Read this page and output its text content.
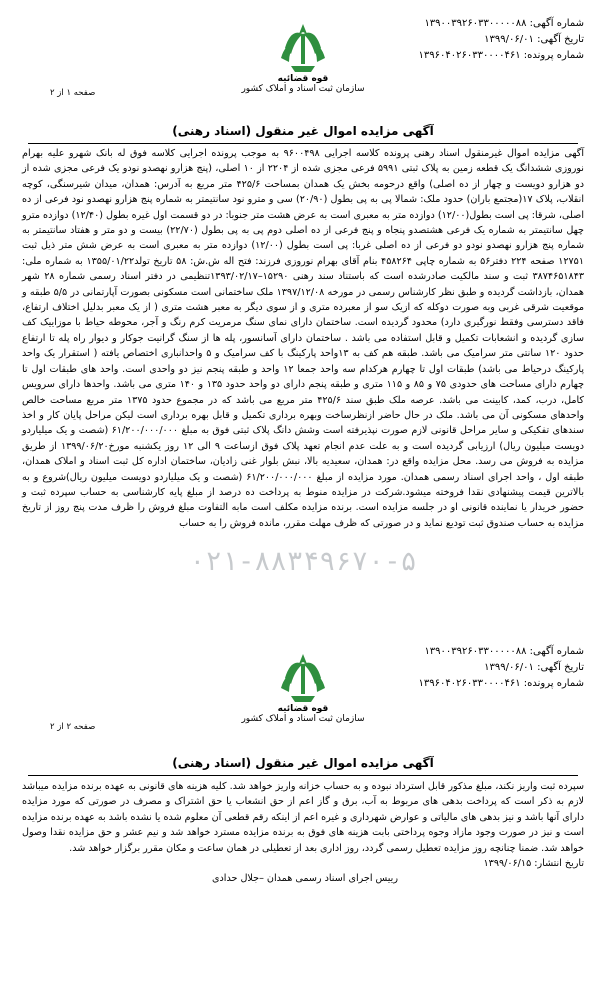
شماره آگهی: ۱۳۹۰۰۳۹۲۶۰۳۳۰۰۰۰۰۸۸
تاریخ آگهی: ۱۳۹۹/۰۶/۰۱
شماره پرونده: ۱۳۹۶۰۴۰۲۶۰۳۳۰۰۰۰۴۶۱
قوه قضائیه
سازمان ثبت اسناد و املاک کشور
صفحه ۱ از ۲
آگهی مزایده اموال غیر منقول (اسناد رهنی)
آگهی مزایده اموال غیرمنقول اسناد رهنی پرونده کلاسه اجرایی ۹۶۰۰۴۹۸ به موجب پرونده اجرایی کلاسه فوق له بانک شهرو علیه بهرام نوروزی ششدانگ یک قطعه زمین به پلاک ثبتی ۵۹۹۱ فرعی مجزی شده از ۲۲۰۴ از ۱۰ اصلی، (پنج هزارو نهصدو نودو یک فرعی مجزی شده از دو هزارو دویست و چهار از ده اصلی) واقع درحومه بخش یک همدان بمساحت ۴۲۵/۶ متر مربع به آدرس: همدان، میدان شیرسنگی، کوچه انقلاب، پلاک ۱۷(مجتمع باران) حدود ملک: شمالا پی به پی بطول (۲۰/۹۰) سی و مترو نود سانتیمتر به شماره پنج هزارو نهصدو نود فرعی از ده اصلی، شرقا: پی است بطول(۱۲/۰۰) دوازده متر به معبری است به عرض هشت متر جنوبا: در دو قسمت اول غیره بطول (۱۲/۴۰) دوازده مترو چهل سانتیمتر به شماره یک فرعی هشتصدو پنجاه و پنج فرعی از ده اصلی دوم پی به پی بطول (۲۲/۷۰) بیست و دو متر و هفتاد سانتیمتر به شماره پنج هزارو نهصدو نودو دو فرعی از ده اصلی غربا: پی است بطول (۱۲/۰۰) دوازده متر به معبری است به عرض شش متر ذیل ثبت ۱۲۷۵۱ صفحه ۲۲۴ دفتر۵۶ به شماره چاپی ۴۵۸۲۶۴ بنام آقای بهرام نوروزی فرزند: فتح اله ش.ش: ۵۸ تاریخ تولد۱۳۵۵/۰۱/۲۲ به شماره ملی: ۳۸۷۴۶۵۱۸۴۳ ثبت و سند مالکیت صادرشده است که باستناد سند رهنی ۱۵۲۹۰–۱۳۹۳/۰۲/۱۷تنظیمی در دفتر اسناد رسمی شماره ۲۸ شهر همدان، بازداشت گردیده و طبق نظر کارشناس رسمی در مورخه ۱۳۹۷/۱۲/۰۸ ملک ساختمانی است مسکونی بصورت آپارتمانی در ۵/۵ طبقه و موقعیت شرقی غربی وبه صورت دوکله که ازیک سو از معبرده متری و از سوی دیگر به معبر هشت متری ( از یک معبر بدلیل اختلاف ارتفاع، فاقد دسترسی وفقط نورگیری دارد) محدود گردیده است. ساختمان دارای نمای سنگ مرمریت کرم رنگ و آجر، محوطه حیاط با موزاییک کف سازی گردیده و انشعابات تکمیل و قابل استفاده می باشد . ساختمان دارای آسانسور، پله ها از سنگ گرانیت جوکار و دیوار راه پله تا ارتفاع حدود ۱۲۰ سانتی متر سرامیک می باشد. طبقه هم کف به ۱۳واحد پارکینگ با کف سرامیک و ۵ واحدانباری اختصاص یافته ( استقرار یک واحد پارکینگ درحیاط می باشد) طبقات اول تا چهارم هرکدام سه واحد جمعا ۱۲ واحد و طبقه پنجم نیز دو واحدی است. واحد های طبقات اول تا چهارم دارای مساحت های حدودی ۷۵ و ۸۵ و ۱۱۵ متری و طبقه پنجم دارای دو واحد حدود ۱۳۵ و ۱۴۰ متری می باشد. واحدها دارای سرویس کامل، درب، کمد، کابینت می باشد. عرصه ملک طبق سند ۴۲۵/۶ متر مربع می باشد که در مجموع حدود ۱۳۷۵ متر مربع مساحت خالص واحدهای مسکونی آن می باشد. ملک در حال حاضر ازنظرساخت وبهره برداری تکمیل و قابل بهره برداری است لیکن مراحل پایان کار و اخذ سندهای تفکیکی و سایر مراحل قانونی لازم صورت نپذیرفته است وشش دانگ پلاک ثبتی فوق به مبلغ ۶۱/۲۰۰/۰۰۰/۰۰۰ (شصت و یک میلیاردو دویست میلیون ریال) ارزیابی گردیده است و به علت عدم انجام تعهد پلاک فوق ازساعت ۹ الی ۱۲ روز یکشنبه مورخ۱۳۹۹/۰۶/۲۰ از طریق مزایده به فروش می رسد. محل مزایده واقع در: همدان، سعیدیه بالا، نبش بلوار غنی زادیان، ساختمان اداره کل ثبت اسناد و املاک همدان، طبقه اول ، واحد اجرای اسناد رسمی همدان. مورد مزایده از مبلغ ۶۱/۲۰۰/۰۰۰/۰۰۰ (شصت و یک میلیاردو دویست میلیون ریال)شروع و به بالاترین قیمت پیشنهادی نقدا فروخته میشود.شرکت در مزایده منوط به پرداخت ده درصد از مبلغ پایه کارشناسی به حساب سپرده ثبت و حضور خریدار یا نماینده قانونی او در جلسه مزایده است. برنده مزایده مکلف است مابه التفاوت مبلغ فروش را ظرف مدت پنج روز از تاریخ مزایده به حساب صندوق ثبت تودیع نماید و در صورتی که ظرف مهلت مقرر، مانده فروش را به حساب
۰۲۱-۸۸۳۴۹۶۷۰-۵
شماره آگهی: ۱۳۹۰۰۳۹۲۶۰۳۳۰۰۰۰۰۸۸
تاریخ آگهی: ۱۳۹۹/۰۶/۰۱
شماره پرونده: ۱۳۹۶۰۴۰۲۶۰۳۳۰۰۰۰۴۶۱
قوه قضائیه
سازمان ثبت اسناد و املاک کشور
صفحه ۲ از ۲
آگهی مزایده اموال غیر منقول (اسناد رهنی)
سپرده ثبت واریز نکند، مبلغ مذکور قابل استرداد نبوده و به حساب خزانه واریز خواهد شد. کلیه هزینه های قانونی به عهده برنده مزایده میباشد لازم به ذکر است که پرداخت بدهی های مربوط به آب، برق و گاز اعم از حق انشعاب یا حق اشتراک و مصرف در صورتی که مورد مزایده دارای آنها باشد و نیز بدهی های مالیاتی و عوارض شهرداری و غیره اعم از اینکه رقم قطعی آن معلوم شده یا نشده باشد به عهده برنده مزایده است و نیز در صورت وجود مازاد وجوه پرداختی بابت هزینه های فوق به برنده مزایده مسترد خواهد شد و نیم عشر و حق مزایده نقدا وصول خواهد شد. ضمنا چنانچه روز مزایده تعطیل رسمی گردد، روز اداری بعد از تعطیلی در همان ساعت و مکان مقرر برگزار خواهد شد.
تاریخ انتشار: ۱۳۹۹/۰۶/۱۵
رییس اجرای اسناد رسمی همدان –جلال حدادی
